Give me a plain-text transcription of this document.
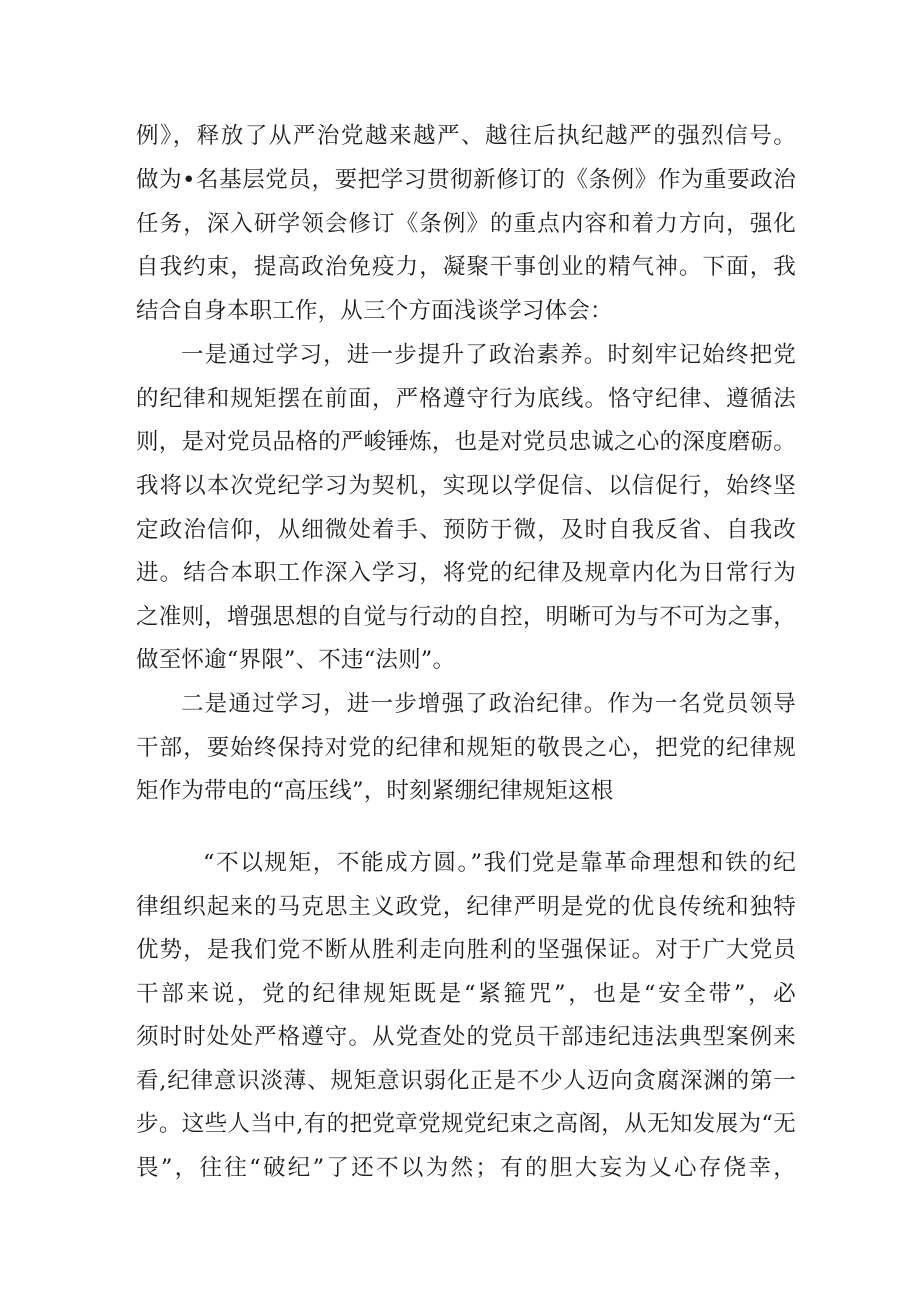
例》，释放了从严治党越来越严、越往后执纪越严的强烈信号。
做为•名基层党员，要把学习贯彻新修订的《条例》作为重要政治
任务，深入研学领会修订《条例》的重点内容和着力方向，强化
自我约束，提高政治免疫力，凝聚干事创业的精气神。下面，我
结合自身本职工作，从三个方面浅谈学习体会：
一是通过学习，进一步提升了政治素养。时刻牢记始终把党
的纪律和规矩摆在前面，严格遵守行为底线。恪守纪律、遵循法
则，是对党员品格的严峻锤炼，也是对党员忠诚之心的深度磨砺。
我将以本次党纪学习为契机，实现以学促信、以信促行，始终坚
定政治信仰，从细微处着手、预防于微，及时自我反省、自我改
进。结合本职工作深入学习，将党的纪律及规章内化为日常行为
之准则，增强思想的自觉与行动的自控，明晰可为与不可为之事，
做至怀逾“界限”、不违“法则”。
二是通过学习，进一步增强了政治纪律。作为一名党员领导
干部，要始终保持对党的纪律和规矩的敬畏之心，把党的纪律规
矩作为带电的“高压线”，时刻紧绷纪律规矩这根
“不以规矩，不能成方圆。”我们党是靠革命理想和铁的纪
律组织起来的马克思主义政党，纪律严明是党的优良传统和独特
优势，是我们党不断从胜利走向胜利的坚强保证。对于广大党员
干部来说，党的纪律规矩既是“紧箍咒”，也是“安全带”，必
须时时处处严格遵守。从党查处的党员干部违纪违法典型案例来
看,纪律意识淡薄、规矩意识弱化正是不少人迈向贪腐深渊的第一
步。这些人当中,有的把党章党规党纪束之高阁，从无知发展为“无
畏”，往往“破纪”了还不以为然；有的胆大妄为乂心存侥幸，
